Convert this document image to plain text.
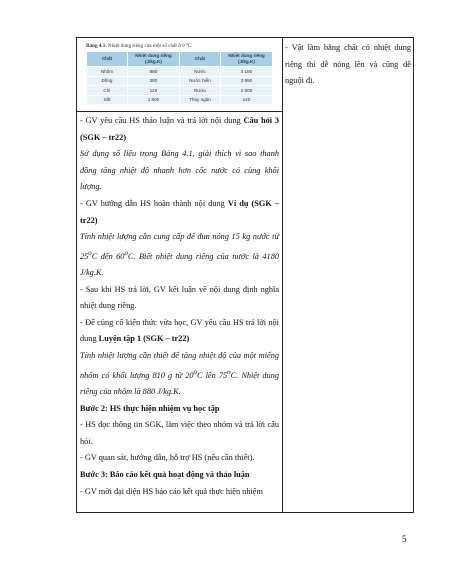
Bảng 4.1. Nhiệt dung riêng của một số chất ở 0 °C
Chất	Nhiệt dung riêng (J/kg.K)	Chất	Nhiệt dung riêng (J/kg.K)
Nhôm	880	Nước	4 180
Đồng	380	Nước biển	3 950
Chì	126	Rượu	2 500
Sắt	1 800	Thủy ngân	140

- GV yêu cầu HS thảo luận và trả lời nội dung Câu hỏi 3 (SGK – tr22)

Sử dụng số liệu trong Bảng 4.1, giải thích vì sao thanh đồng tăng nhiệt độ nhanh hơn cốc nước có cùng khối lượng.

- GV hướng dẫn HS hoàn thành nội dung Ví dụ (SGK – tr22)

Tính nhiệt lượng cần cung cấp để đun nóng 15 kg nước từ 25$^o$C đến 60$^o$C. Biết nhiệt dung riêng của nước là 4180 J/kg.K.

- Sau khi HS trả lời, GV kết luận về nội dung định nghĩa nhiệt dung riêng.

- Để củng cố kiến thức vừa học, GV yêu cầu HS trả lời nội dung Luyện tập 1 (SGK – tr22)

Tính nhiệt lượng cần thiết để tăng nhiệt độ của một miếng nhôm có khối lượng 810 g từ 20$^o$C lên 75$^o$C. Nhiệt dung riêng của nhôm là 880 J/kg.K.

Bước 2: HS thực hiện nhiệm vụ học tập

- HS đọc thông tin SGK, làm việc theo nhóm và trả lời câu hỏi.

- GV quan sát, hướng dẫn, hỗ trợ HS (nếu cần thiết).

Bước 3: Báo cáo kết quả hoạt động và thảo luận

- GV mời đại diện HS báo cáo kết quả thực hiện nhiệm

- Vật làm bằng chất có nhiệt dung riêng thì dễ nóng lên và cũng dễ nguội đi.

5
